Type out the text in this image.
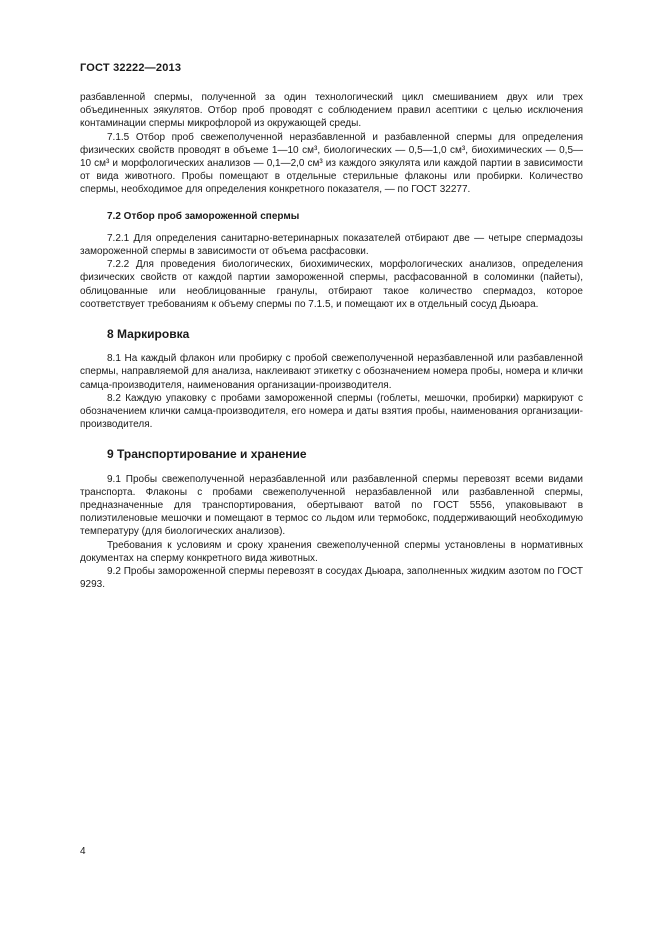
ГОСТ 32222—2013

разбавленной спермы, полученной за один технологический цикл смешиванием двух или трех объединенных эякулятов. Отбор проб проводят с соблюдением правил асептики с целью исключения контаминации спермы микрофлорой из окружающей среды.

7.1.5 Отбор проб свежеполученной неразбавленной и разбавленной спермы для определения физических свойств проводят в объеме 1—10 см³, биологических — 0,5—1,0 см³, биохимических — 0,5—10 см³ и морфологических анализов — 0,1—2,0 см³ из каждого эякулята или каждой партии в зависимости от вида животного. Пробы помещают в отдельные стерильные флаконы или пробирки. Количество спермы, необходимое для определения конкретного показателя, — по ГОСТ 32277.

7.2 Отбор проб замороженной спермы

7.2.1 Для определения санитарно-ветеринарных показателей отбирают две — четыре спермадозы замороженной спермы в зависимости от объема расфасовки.

7.2.2 Для проведения биологических, биохимических, морфологических анализов, определения физических свойств от каждой партии замороженной спермы, расфасованной в соломинки (пайеты), облицованные или необлицованные гранулы, отбирают такое количество спермадоз, которое соответствует требованиям к объему спермы по 7.1.5, и помещают их в отдельный сосуд Дьюара.

8 Маркировка

8.1 На каждый флакон или пробирку с пробой свежеполученной неразбавленной или разбавленной спермы, направляемой для анализа, наклеивают этикетку с обозначением номера пробы, номера и клички самца-производителя, наименования организации-производителя.

8.2 Каждую упаковку с пробами замороженной спермы (гоблеты, мешочки, пробирки) маркируют с обозначением клички самца-производителя, его номера и даты взятия пробы, наименования организации-производителя.

9 Транспортирование и хранение

9.1 Пробы свежеполученной неразбавленной или разбавленной спермы перевозят всеми видами транспорта. Флаконы с пробами свежеполученной неразбавленной или разбавленной спермы, предназначенные для транспортирования, обертывают ватой по ГОСТ 5556, упаковывают в полиэтиленовые мешочки и помещают в термос со льдом или термобокс, поддерживающий необходимую температуру (для биологических анализов).

Требования к условиям и сроку хранения свежеполученной спермы установлены в нормативных документах на сперму конкретного вида животных.

9.2 Пробы замороженной спермы перевозят в сосудах Дьюара, заполненных жидким азотом по ГОСТ 9293.

4
